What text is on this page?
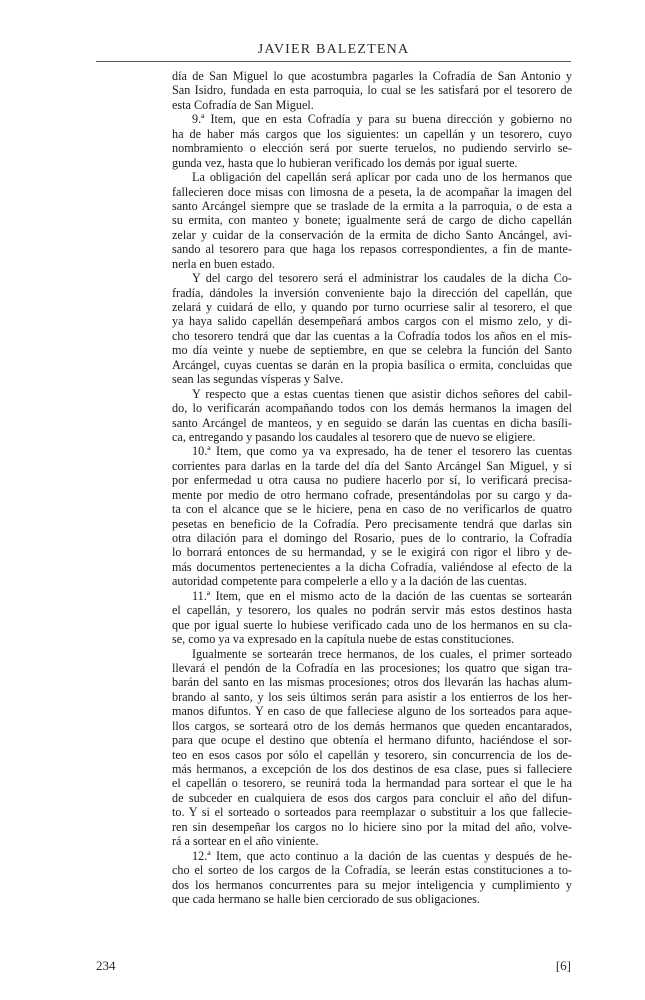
JAVIER BALEZTENA
día de San Miguel lo que acostumbra pagarles la Cofradía de San Antonio y
San Isidro, fundada en esta parroquia, lo cual se les satisfará por el tesorero de
esta Cofradía de San Miguel.
9.ª Item, que en esta Cofradía y para su buena dirección y gobierno no
ha de haber más cargos que los siguientes: un capellán y un tesorero, cuyo
nombramiento o elección será por suerte teruelos, no pudiendo servirlo se-
gunda vez, hasta que lo hubieran verificado los demás por igual suerte.
La obligación del capellán será aplicar por cada uno de los hermanos que
fallecieren doce misas con limosna de a peseta, la de acompañar la imagen del
santo Arcángel siempre que se traslade de la ermita a la parroquia, o de esta a
su ermita, con manteo y bonete; igualmente será de cargo de dicho capellán
zelar y cuidar de la conservación de la ermita de dicho Santo Ancángel, avi-
sando al tesorero para que haga los repasos correspondientes, a fin de mante-
nerla en buen estado.
Y del cargo del tesorero será el administrar los caudales de la dicha Co-
fradía, dándoles la inversión conveniente bajo la dirección del capellán, que
zelará y cuidará de ello, y quando por turno ocurriese salir al tesorero, el que
ya haya salido capellán desempeñará ambos cargos con el mismo zelo, y di-
cho tesorero tendrá que dar las cuentas a la Cofradía todos los años en el mis-
mo día veinte y nuebe de septiembre, en que se celebra la función del Santo
Arcángel, cuyas cuentas se darán en la propia basílica o ermita, concluidas que
sean las segundas vísperas y Salve.
Y respecto que a estas cuentas tienen que asistir dichos señores del cabil-
do, lo verificarán acompañando todos con los demás hermanos la imagen del
santo Arcángel de manteos, y en seguido se darán las cuentas en dicha basíli-
ca, entregando y pasando los caudales al tesorero que de nuevo se eligiere.
10.ª Item, que como ya va expresado, ha de tener el tesorero las cuentas
corrientes para darlas en la tarde del día del Santo Arcángel San Miguel, y si
por enfermedad u otra causa no pudiere hacerlo por sí, lo verificará precisa-
mente por medio de otro hermano cofrade, presentándolas por su cargo y da-
ta con el alcance que se le hiciere, pena en caso de no verificarlos de quatro
pesetas en beneficio de la Cofradía. Pero precisamente tendrá que darlas sin
otra dilación para el domingo del Rosario, pues de lo contrario, la Cofradía
lo borrará entonces de su hermandad, y se le exigirá con rigor el libro y de-
más documentos pertenecientes a la dicha Cofradía, valiéndose al efecto de la
autoridad competente para compelerle a ello y a la dación de las cuentas.
11.ª Item, que en el mismo acto de la dación de las cuentas se sortearán
el capellán, y tesorero, los quales no podrán servir más estos destinos hasta
que por igual suerte lo hubiese verificado cada uno de los hermanos en su cla-
se, como ya va expresado en la capítula nuebe de estas constituciones.
Igualmente se sortearán trece hermanos, de los cuales, el primer sorteado
llevará el pendón de la Cofradía en las procesiones; los quatro que sigan tra-
barán del santo en las mismas procesiones; otros dos llevarán las hachas alum-
brando al santo, y los seis últimos serán para asistir a los entierros de los her-
manos difuntos. Y en caso de que falleciese alguno de los sorteados para aque-
llos cargos, se sorteará otro de los demás hermanos que queden encantarados,
para que ocupe el destino que obtenía el hermano difunto, haciéndose el sor-
teo en esos casos por sólo el capellán y tesorero, sin concurrencia de los de-
más hermanos, a excepción de los dos destinos de esa clase, pues si falleciere
el capellán o tesorero, se reunirá toda la hermandad para sortear el que le ha
de subceder en cualquiera de esos dos cargos para concluir el año del difun-
to. Y si el sorteado o sorteados para reemplazar o substituir a los que fallecie-
ren sin desempeñar los cargos no lo hiciere sino por la mitad del año, volve-
rá a sortear en el año viniente.
12.ª Item, que acto continuo a la dación de las cuentas y después de he-
cho el sorteo de los cargos de la Cofradía, se leerán estas constituciones a to-
dos los hermanos concurrentes para su mejor inteligencia y cumplimiento y
que cada hermano se halle bien cerciorado de sus obligaciones.
234	[6]
